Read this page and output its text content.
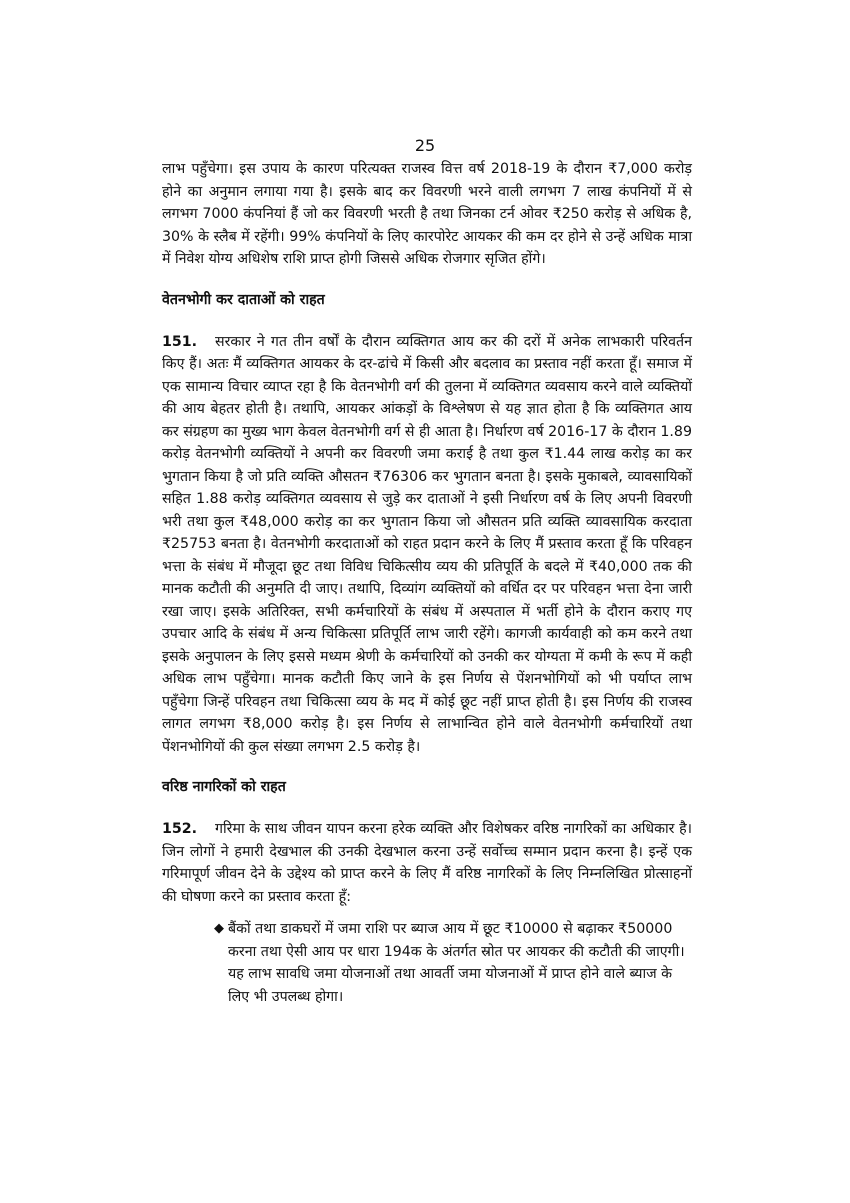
25

लाभ पहुँचेगा। इस उपाय के कारण परित्यक्त राजस्व वित्त वर्ष 2018-19 के दौरान ₹7,000 करोड़ होने का अनुमान लगाया गया है। इसके बाद कर विवरणी भरने वाली लगभग 7 लाख कंपनियों में से लगभग 7000 कंपनियां हैं जो कर विवरणी भरती है तथा जिनका टर्न ओवर ₹250 करोड़ से अधिक है, 30% के स्लैब में रहेंगी। 99% कंपनियों के लिए कारपोरेट आयकर की कम दर होने से उन्हें अधिक मात्रा में निवेश योग्य अधिशेष राशि प्राप्त होगी जिससे अधिक रोजगार सृजित होंगे।

वेतनभोगी कर दाताओं को राहत

151. सरकार ने गत तीन वर्षों के दौरान व्यक्तिगत आय कर की दरों में अनेक लाभकारी परिवर्तन किए हैं। अतः मैं व्यक्तिगत आयकर के दर-ढांचे में किसी और बदलाव का प्रस्ताव नहीं करता हूँ। समाज में एक सामान्य विचार व्याप्त रहा है कि वेतनभोगी वर्ग की तुलना में व्यक्तिगत व्यवसाय करने वाले व्यक्तियों की आय बेहतर होती है। तथापि, आयकर आंकड़ों के विश्लेषण से यह ज्ञात होता है कि व्यक्तिगत आय कर संग्रहण का मुख्य भाग केवल वेतनभोगी वर्ग से ही आता है। निर्धारण वर्ष 2016-17 के दौरान 1.89 करोड़ वेतनभोगी व्यक्तियों ने अपनी कर विवरणी जमा कराई है तथा कुल ₹1.44 लाख करोड़ का कर भुगतान किया है जो प्रति व्यक्ति औसतन ₹76306 कर भुगतान बनता है। इसके मुकाबले, व्यावसायिकों सहित 1.88 करोड़ व्यक्तिगत व्यवसाय से जुड़े कर दाताओं ने इसी निर्धारण वर्ष के लिए अपनी विवरणी भरी तथा कुल ₹48,000 करोड़ का कर भुगतान किया जो औसतन प्रति व्यक्ति व्यावसायिक करदाता ₹25753 बनता है। वेतनभोगी करदाताओं को राहत प्रदान करने के लिए मैं प्रस्ताव करता हूँ कि परिवहन भत्ता के संबंध में मौजूदा छूट तथा विविध चिकित्सीय व्यय की प्रतिपूर्ति के बदले में ₹40,000 तक की मानक कटौती की अनुमति दी जाए। तथापि, दिव्यांग व्यक्तियों को वर्धित दर पर परिवहन भत्ता देना जारी रखा जाए। इसके अतिरिक्त, सभी कर्मचारियों के संबंध में अस्पताल में भर्ती होने के दौरान कराए गए उपचार आदि के संबंध में अन्य चिकित्सा प्रतिपूर्ति लाभ जारी रहेंगे। कागजी कार्यवाही को कम करने तथा इसके अनुपालन के लिए इससे मध्यम श्रेणी के कर्मचारियों को उनकी कर योग्यता में कमी के रूप में कही अधिक लाभ पहुँचेगा। मानक कटौती किए जाने के इस निर्णय से पेंशनभोगियों को भी पर्याप्त लाभ पहुँचेगा जिन्हें परिवहन तथा चिकित्सा व्यय के मद में कोई छूट नहीं प्राप्त होती है। इस निर्णय की राजस्व लागत लगभग ₹8,000 करोड़ है। इस निर्णय से लाभान्वित होने वाले वेतनभोगी कर्मचारियों तथा पेंशनभोगियों की कुल संख्या लगभग 2.5 करोड़ है।

वरिष्ठ नागरिकों को राहत

152. गरिमा के साथ जीवन यापन करना हरेक व्यक्ति और विशेषकर वरिष्ठ नागरिकों का अधिकार है। जिन लोगों ने हमारी देखभाल की उनकी देखभाल करना उन्हें सर्वोच्च सम्मान प्रदान करना है। इन्हें एक गरिमापूर्ण जीवन देने के उद्देश्य को प्राप्त करने के लिए मैं वरिष्ठ नागरिकों के लिए निम्नलिखित प्रोत्साहनों की घोषणा करने का प्रस्ताव करता हूँ:

◆ बैंकों तथा डाकघरों में जमा राशि पर ब्याज आय में छूट ₹10000 से बढ़ाकर ₹50000 करना तथा ऐसी आय पर धारा 194क के अंतर्गत स्रोत पर आयकर की कटौती की जाएगी। यह लाभ सावधि जमा योजनाओं तथा आवर्ती जमा योजनाओं में प्राप्त होने वाले ब्याज के लिए भी उपलब्ध होगा।
